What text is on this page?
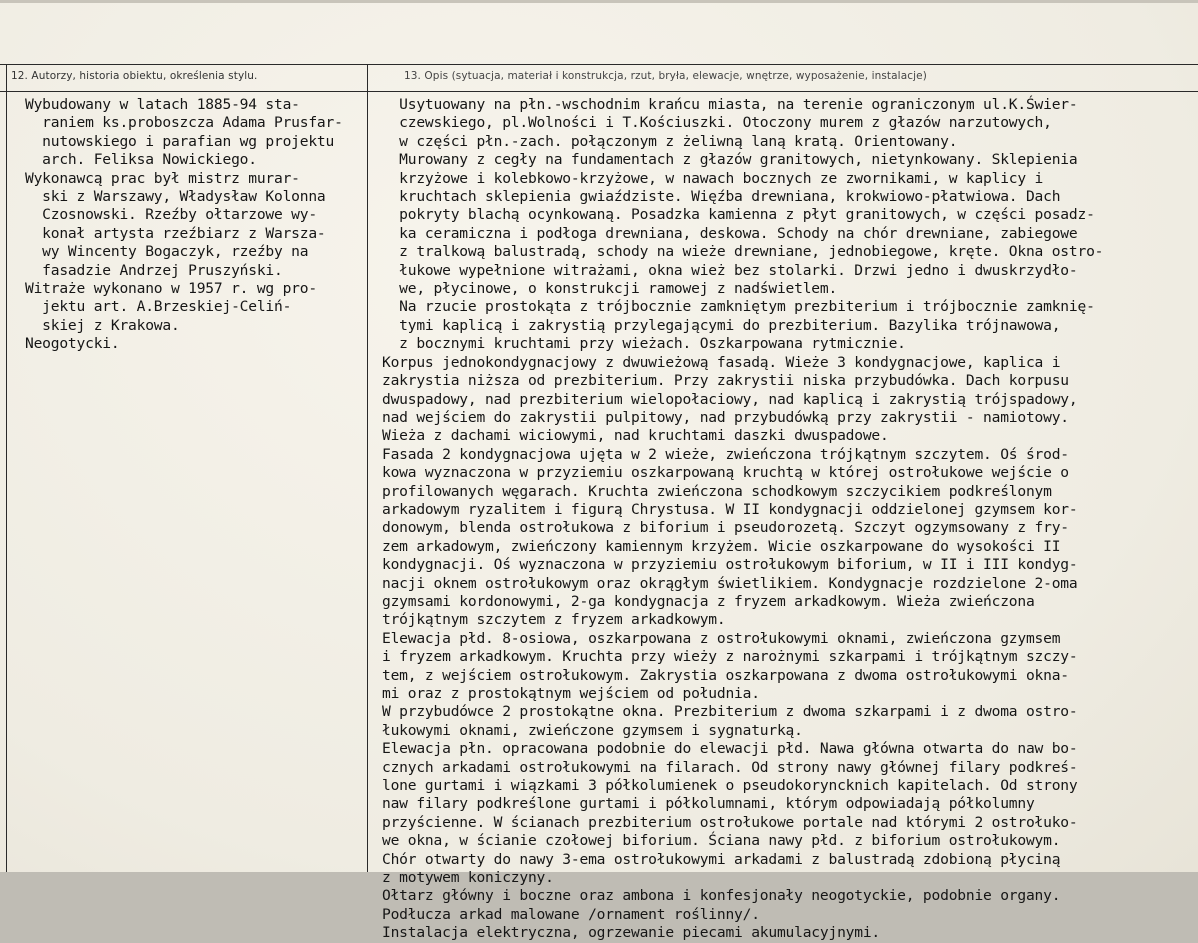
12. Autorzy, historia obiektu, określenia stylu.	13. Opis (sytuacja, materiał i konstrukcja, rzut, bryła, elewacje, wnętrze, wyposażenie, instalacje)
Wybudowany w latach 1885-94 sta-
raniem ks.proboszcza Adama Prusfar-
nutowskiego i parafian wg projektu
arch. Feliksa Nowickiego.
Wykonawcą prac był mistrz murar-
ski z Warszawy, Władysław Kolonna
Czosnowski. Rzeźby ołtarzowe wy-
konał artysta rzeźbiarz z Warsza-
wy Wincenty Bogaczyk, rzeźby na
fasadzie Andrzej Pruszyński.
Witraże wykonano w 1957 r. wg pro-
jektu art. A.Brzeskiej-Celiń-
skiej z Krakowa.
Neogotycki.
Usytuowany na płn.-wschodnim krańcu miasta, na terenie ograniczonym ul.K.Świer-
czewskiego, pl.Wolności i T.Kościuszki. Otoczony murem z głazów narzutowych,
w części płn.-zach. połączonym z żeliwną laną kratą. Orientowany.
Murowany z cegły na fundamentach z głazów granitowych, nietynkowany. Sklepienia
krzyżowe i kolebkowo-krzyżowe, w nawach bocznych ze zwornikami, w kaplicy i
kruchtach sklepienia gwiaździste. Więźba drewniana, krokwiowo-płatwiowa. Dach
pokryty blachą ocynkowaną. Posadzka kamienna z płyt granitowych, w części posadz-
ka ceramiczna i podłoga drewniana, deskowa. Schody na chór drewniane, zabiegowe
z tralkową balustradą, schody na wieże drewniane, jednobiegowe, kręte. Okna ostro-
łukowe wypełnione witrażami, okna wież bez stolarki. Drzwi jedno i dwuskrzydło-
we, płycinowe, o konstrukcji ramowej z nadświetlem.
Na rzucie prostokąta z trójbocznie zamkniętym prezbiterium i trójbocznie zamknię-
tymi kaplicą i zakrystią przylegającymi do prezbiterium. Bazylika trójnawowa,
z bocznymi kruchtami przy wieżach. Oszkarpowana rytmicznie.
Korpus jednokondygnacjowy z dwuwieżową fasadą. Wieże 3 kondygnacjowe, kaplica i
zakrystia niższa od prezbiterium. Przy zakrystii niska przybudówka. Dach korpusu
dwuspadowy, nad prezbiterium wielopołaciowy, nad kaplicą i zakrystią trójspadowy,
nad wejściem do zakrystii pulpitowy, nad przybudówką przy zakrystii - namiotowy.
Wieża z dachami wiciowymi, nad kruchtami daszki dwuspadowe.
Fasada 2 kondygnacjowa ujęta w 2 wieże, zwieńczona trójkątnym szczytem. Oś środ-
kowa wyznaczona w przyziemiu oszkarpowaną kruchtą w której ostrołukowe wejście o
profilowanych węgarach. Kruchta zwieńczona schodkowym szczycikiem podkreślonym
arkadowym ryzalitem i figurą Chrystusa. W II kondygnacji oddzielonej gzymsem kor-
donowym, blenda ostrołukowa z biforium i pseudorozetą. Szczyt ogzymsowany z fry-
zem arkadowym, zwieńczony kamiennym krzyżem. Wicie oszkarpowane do wysokości II
kondygnacji. Oś wyznaczona w przyziemiu ostrołukowym biforium, w II i III kondyg-
nacji oknem ostrołukowym oraz okrągłym świetlikiem. Kondygnacje rozdzielone 2-oma
gzymsami kordonowymi, 2-ga kondygnacja z fryzem arkadkowym. Wieża zwieńczona
trójkątnym szczytem z fryzem arkadkowym.
Elewacja płd. 8-osiowa, oszkarpowana z ostrołukowymi oknami, zwieńczona gzymsem
i fryzem arkadkowym. Kruchta przy wieży z narożnymi szkarpami i trójkątnym szczy-
tem, z wejściem ostrołukowym. Zakrystia oszkarpowana z dwoma ostrołukowymi okna-
mi oraz z prostokątnym wejściem od południa.
W przybudówce 2 prostokątne okna. Prezbiterium z dwoma szkarpami i z dwoma ostro-
łukowymi oknami, zwieńczone gzymsem i sygnaturką.
Elewacja płn. opracowana podobnie do elewacji płd. Nawa główna otwarta do naw bo-
cznych arkadami ostrołukowymi na filarach. Od strony nawy głównej filary podkreś-
lone gurtami i wiązkami 3 półkolumienek o pseudokoryncknich kapitelach. Od strony
naw filary podkreślone gurtami i półkolumnami, którym odpowiadają półkolumny
przyścienne. W ścianach prezbiterium ostrołukowe portale nad którymi 2 ostrołuko-
we okna, w ścianie czołowej biforium. Ściana nawy płd. z biforium ostrołukowym.
Chór otwarty do nawy 3-ema ostrołukowymi arkadami z balustradą zdobioną płyciną
z motywem koniczyny.
Ołtarz główny i boczne oraz ambona i konfesjonały neogotyckie, podobnie organy.
Podłucza arkad malowane /ornament roślinny/.
Instalacja elektryczna, ogrzewanie piecami akumulacyjnymi.
